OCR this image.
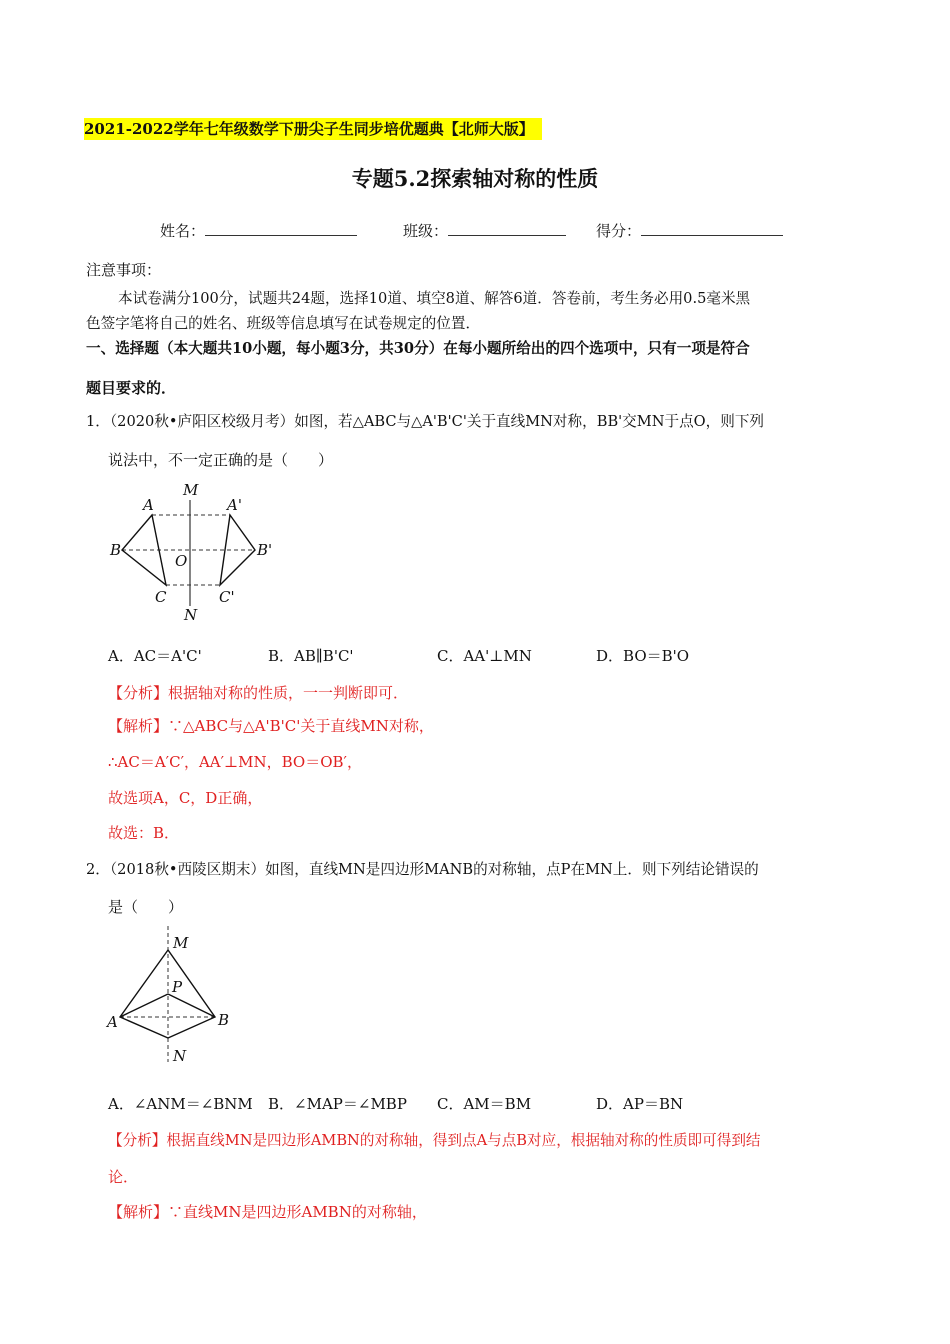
2021-2022学年七年级数学下册尖子生同步培优题典【北师大版】
专题5.2探索轴对称的性质
姓名：	班级：	得分：
注意事项：
本试卷满分100分，试题共24题，选择10道、填空8道、解答6道．答卷前，考生务必用0.5毫米黑
色签字笔将自己的姓名、班级等信息填写在试卷规定的位置．
一、选择题（本大题共10小题，每小题3分，共30分）在每小题所给出的四个选项中，只有一项是符合
题目要求的．
1．（2020秋•庐阳区校级月考）如图，若△ABC与△A'B'C'关于直线MN对称，BB'交MN于点O，则下列
说法中，不一定正确的是（　　）
M
A	A'
B
O
B'
C	C'
N
A．AC＝A'C'	B．AB∥B'C'	C．AA'⊥MN	D．BO＝B'O
【分析】根据轴对称的性质，一一判断即可．
【解析】∵△ABC与△A'B'C'关于直线MN对称，
∴AC＝A′C′，AA′⊥MN，BO＝OB′，
故选项A，C，D正确，
故选：B．
2．（2018秋•西陵区期末）如图，直线MN是四边形MANB的对称轴，点P在MN上．则下列结论错误的
是（　　）
M
P
A	B
N
A．∠ANM＝∠BNM B．∠MAP＝∠MBP C．AM＝BM	D．AP＝BN
【分析】根据直线MN是四边形AMBN的对称轴，得到点A与点B对应，根据轴对称的性质即可得到结
论．
【解析】∵直线MN是四边形AMBN的对称轴，
